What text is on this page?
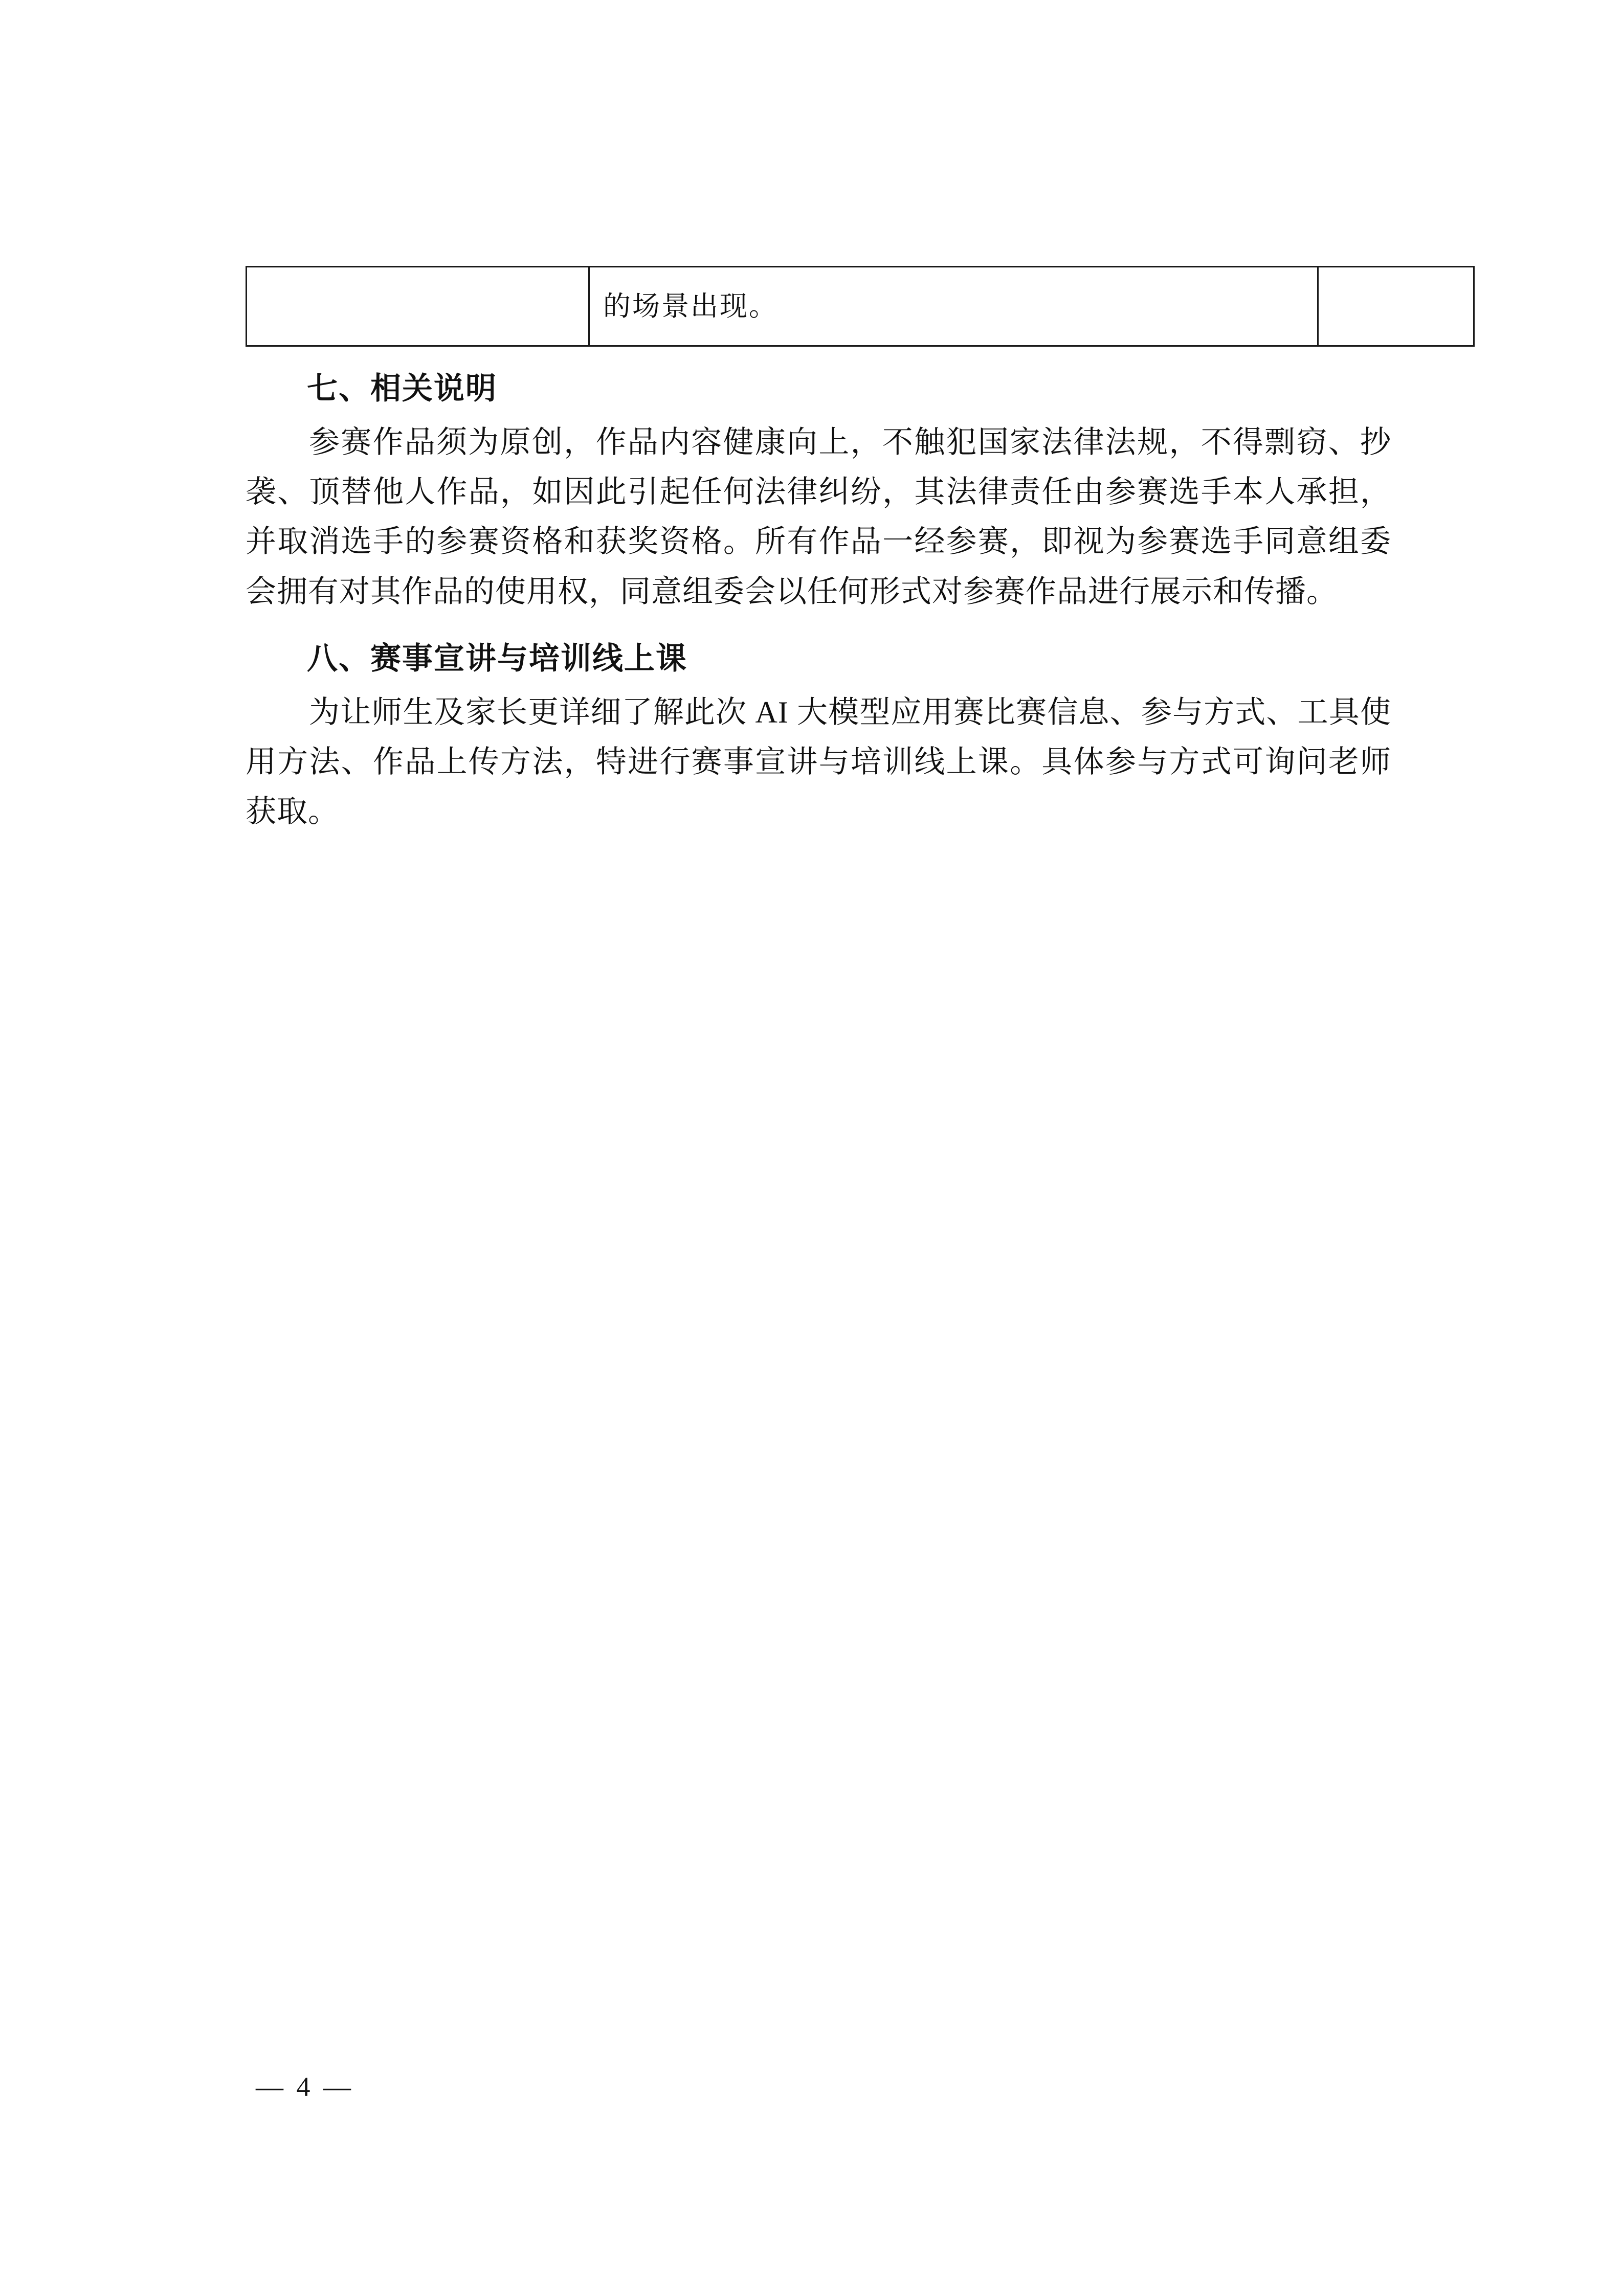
	的场景出现。	
七、相关说明

参赛作品须为原创，作品内容健康向上，不触犯国家法律法规，不得剽窃、抄袭、顶替他人作品，如因此引起任何法律纠纷，其法律责任由参赛选手本人承担，并取消选手的参赛资格和获奖资格。所有作品一经参赛，即视为参赛选手同意组委会拥有对其作品的使用权，同意组委会以任何形式对参赛作品进行展示和传播。

八、赛事宣讲与培训线上课

为让师生及家长更详细了解此次 AI 大模型应用赛比赛信息、参与方式、工具使用方法、作品上传方法，特进行赛事宣讲与培训线上课。具体参与方式可询问老师获取。

— 4 —
